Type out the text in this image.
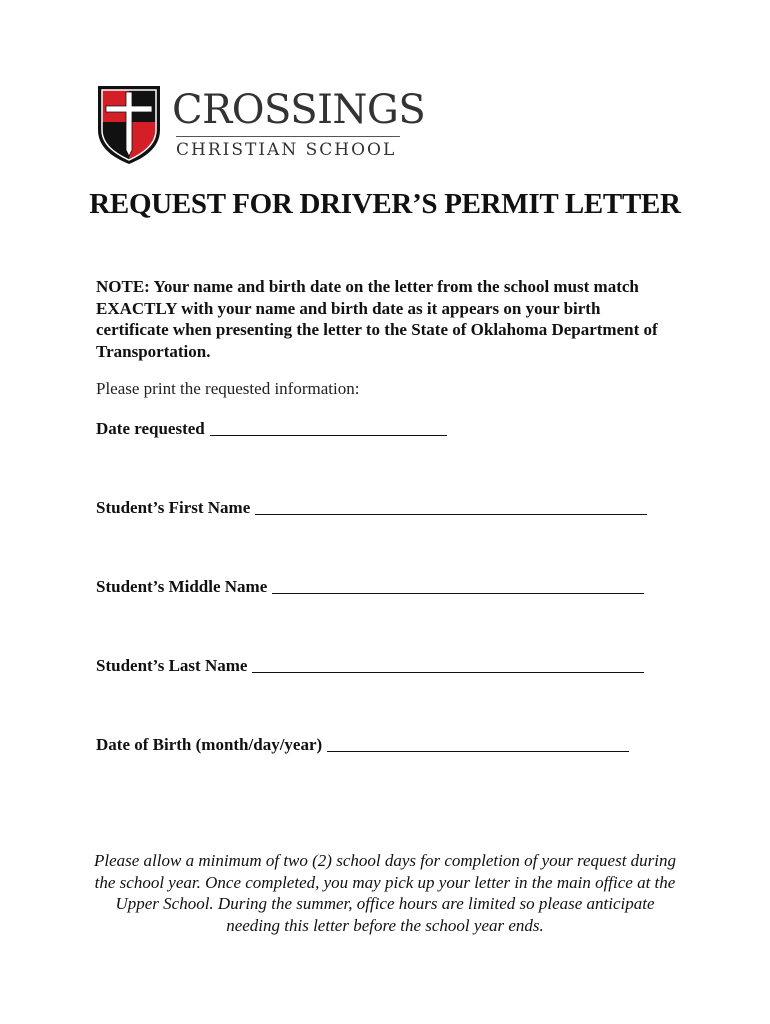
CROSSINGS
CHRISTIAN SCHOOL
REQUEST FOR DRIVER’S PERMIT LETTER
NOTE: Your name and birth date on the letter from the school must match EXACTLY with your name and birth date as it appears on your birth certificate when presenting the letter to the State of Oklahoma Department of Transportation.
Please print the requested information:
Date requested
Student’s First Name
Student’s Middle Name
Student’s Last Name
Date of Birth (month/day/year)
Please allow a minimum of two (2) school days for completion of your request during the school year. Once completed, you may pick up your letter in the main office at the Upper School. During the summer, office hours are limited so please anticipate needing this letter before the school year ends.
